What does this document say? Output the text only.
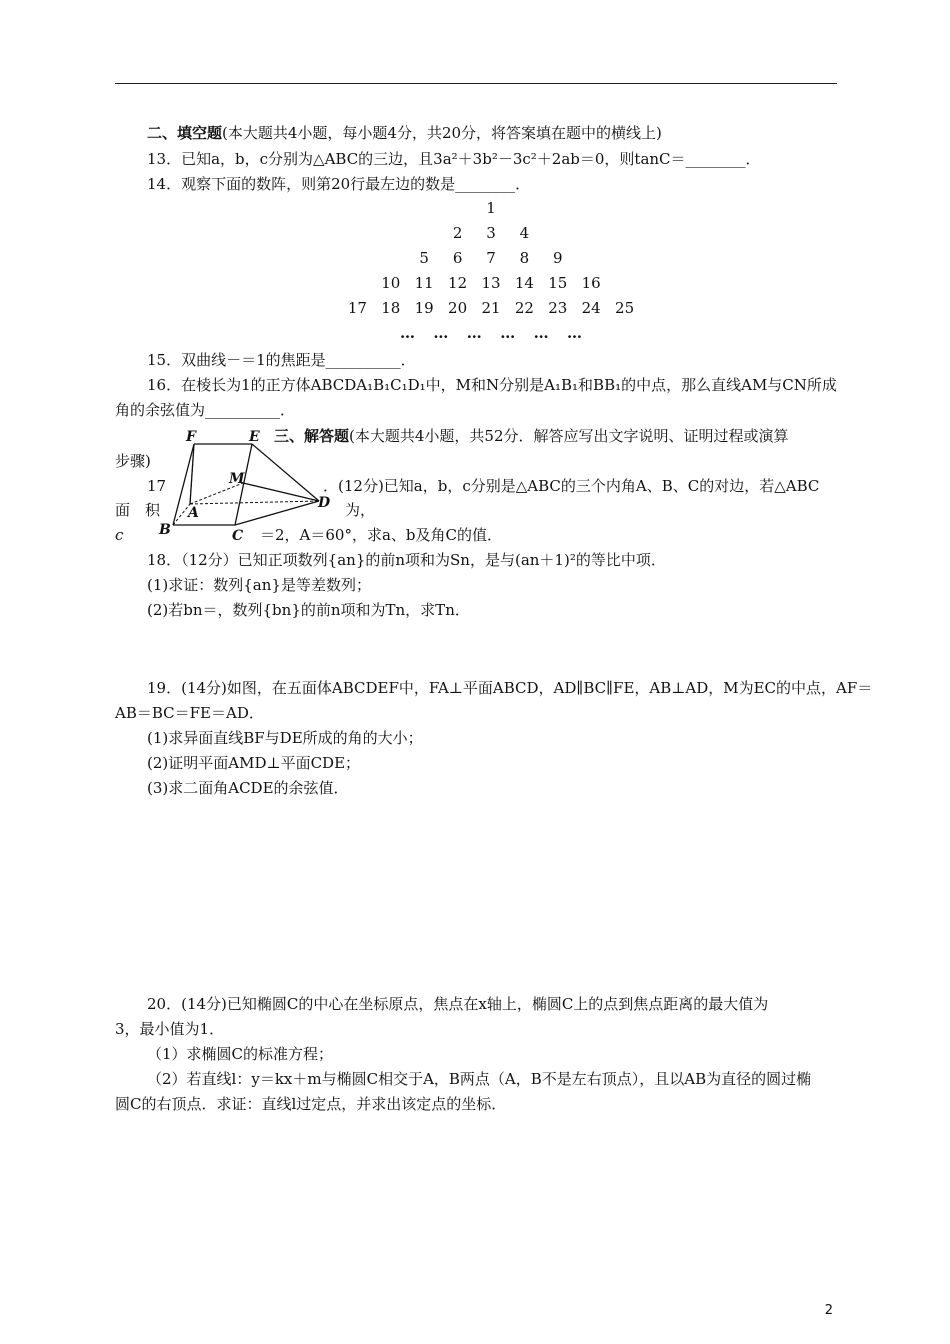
二、填空题(本大题共4小题，每小题4分，共20分，将答案填在题中的横线上)
13．已知a，b，c分别为△ABC的三边，且3a²＋3b²－3c²＋2ab＝0，则tanC＝________．
14．观察下面的数阵，则第20行最左边的数是________．
1
2	3	4
5	6	7	8	9
10 11 12 13 14 15 16
17 18 19 20 21 22 23 24 25
…	…	…	…	…	…
15．双曲线－＝1的焦距是__________．
16．在棱长为1的正方体ABCDA₁B₁C₁D₁中，M和N分别是A₁B₁和BB₁的中点，那么直线AM与CN所成
角的余弦值为__________．
三、解答题(本大题共4小题，共52分．解答应写出文字说明、证明过程或演算
步骤)
F	E
M
A
D
B	C
17	．(12分)已知a，b，c分别是△ABC的三个内角A、B、C的对边，若△ABC
面　积	为，
c	＝2，A＝60°，求a、b及角C的值．
18．（12分）已知正项数列{an}的前n项和为Sn，是与(an＋1)²的等比中项．
(1)求证：数列{an}是等差数列；
(2)若bn＝，数列{bn}的前n项和为Tn，求Tn．
19．(14分)如图，在五面体ABCDEF中，FA⊥平面ABCD，AD∥BC∥FE，AB⊥AD，M为EC的中点，AF＝
AB＝BC＝FE＝AD．
(1)求异面直线BF与DE所成的角的大小；
(2)证明平面AMD⊥平面CDE；
(3)求二面角ACDE的余弦值．
20．(14分)已知椭圆C的中心在坐标原点，焦点在x轴上，椭圆C上的点到焦点距离的最大值为
3，最小值为1．
（1）求椭圆C的标准方程；
（2）若直线l：y＝kx＋m与椭圆C相交于A，B两点（A，B不是左右顶点），且以AB为直径的圆过椭
圆C的右顶点．求证：直线l过定点，并求出该定点的坐标．
2
